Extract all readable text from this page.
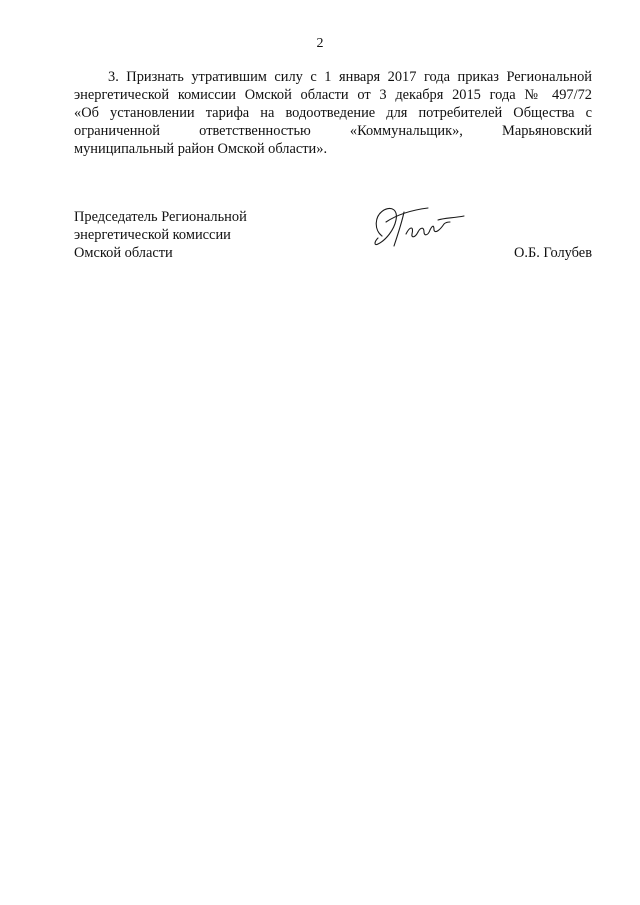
2
3. Признать утратившим силу с 1 января 2017 года приказ Региональной
энергетической комиссии Омской области от 3 декабря 2015 года № 497/72
«Об установлении тарифа на водоотведение для потребителей Общества с
ограниченной ответственностью «Коммунальщик», Марьяновский
муниципальный район Омской области».
Председатель Региональной
энергетической комиссии
Омской области	О.Б. Голубев
